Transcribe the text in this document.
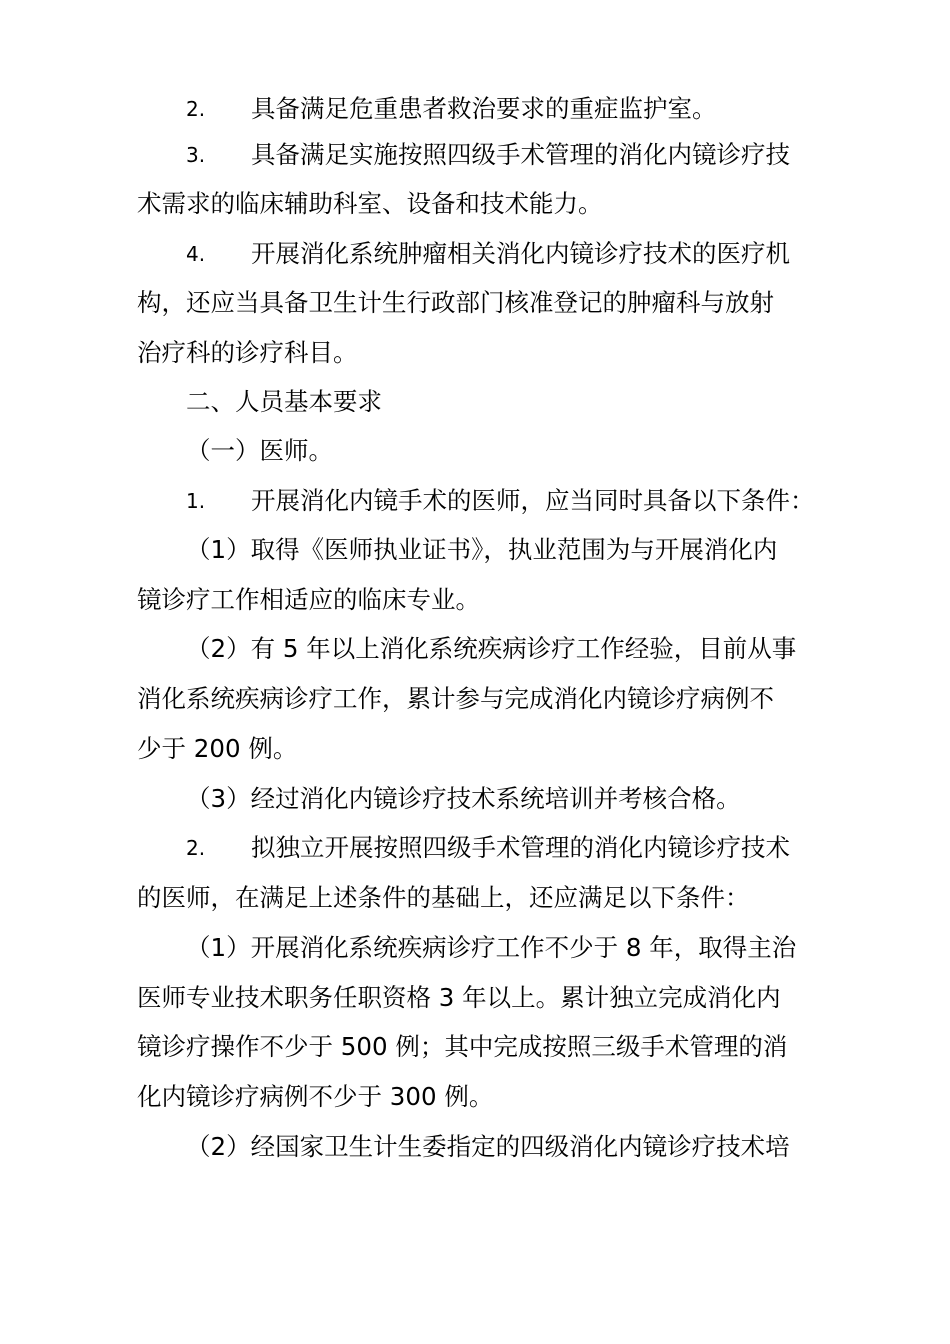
2. 具备满足危重患者救治要求的重症监护室。
3. 具备满足实施按照四级手术管理的消化内镜诊疗技
术需求的临床辅助科室、设备和技术能力。
4. 开展消化系统肿瘤相关消化内镜诊疗技术的医疗机
构，还应当具备卫生计生行政部门核准登记的肿瘤科与放射
治疗科的诊疗科目。
二、人员基本要求
（一）医师。
1. 开展消化内镜手术的医师，应当同时具备以下条件：
（1）取得《医师执业证书》，执业范围为与开展消化内
镜诊疗工作相适应的临床专业。
（2）有 5 年以上消化系统疾病诊疗工作经验，目前从事
消化系统疾病诊疗工作，累计参与完成消化内镜诊疗病例不
少于 200 例。
（3）经过消化内镜诊疗技术系统培训并考核合格。
2. 拟独立开展按照四级手术管理的消化内镜诊疗技术
的医师，在满足上述条件的基础上，还应满足以下条件：
（1）开展消化系统疾病诊疗工作不少于 8 年，取得主治
医师专业技术职务任职资格 3 年以上。累计独立完成消化内
镜诊疗操作不少于 500 例；其中完成按照三级手术管理的消
化内镜诊疗病例不少于 300 例。
（2）经国家卫生计生委指定的四级消化内镜诊疗技术培
